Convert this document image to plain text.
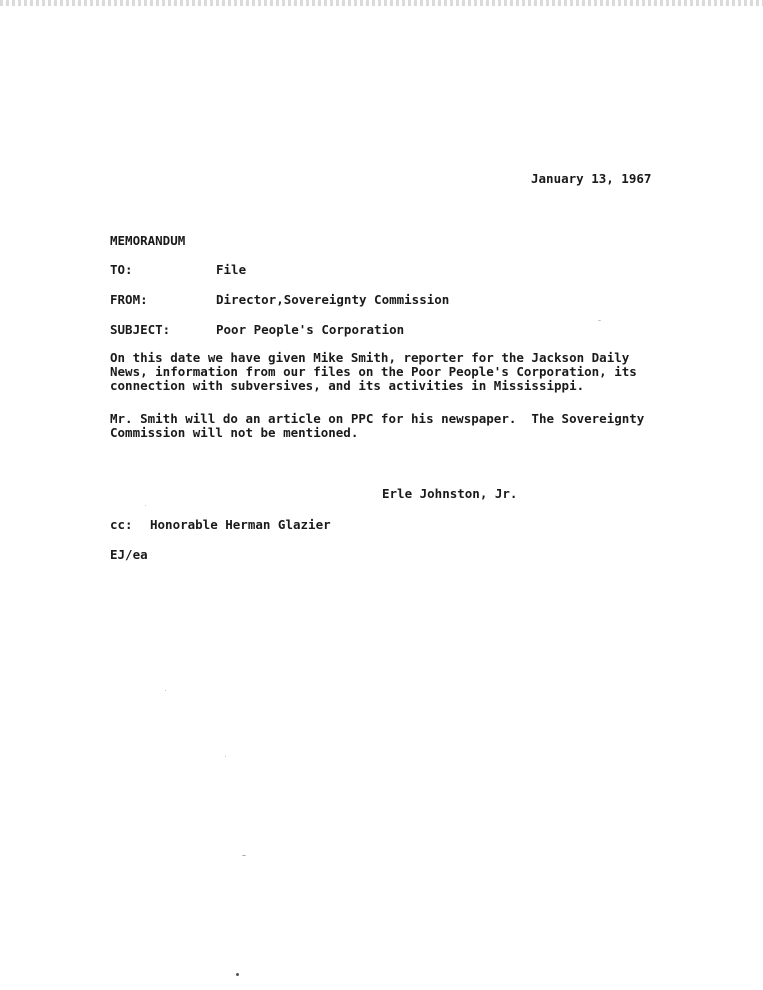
January 13, 1967
MEMORANDUM
TO:	File
FROM:	Director,Sovereignty Commission
SUBJECT:	Poor People's Corporation
On this date we have given Mike Smith, reporter for the Jackson Daily
News, information from our files on the Poor People's Corporation, its
connection with subversives, and its activities in Mississippi.
Mr. Smith will do an article on PPC for his newspaper.  The Sovereignty
Commission will not be mentioned.
Erle Johnston, Jr.
cc: Honorable Herman Glazier
EJ/ea
